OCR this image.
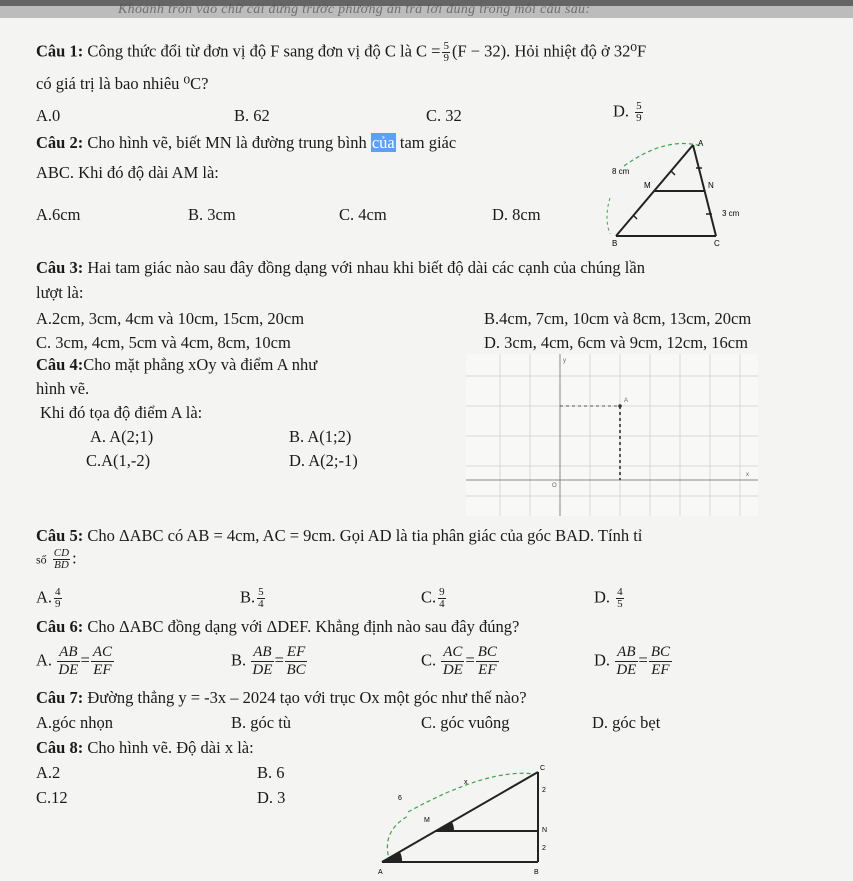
Khoanh tròn vào chữ cái đứng trước phương án trả lời đúng trong mỗi câu sau:
Câu 1: Công thức đổi từ đơn vị độ F sang đơn vị độ C là $C = \frac{5}{9} (F - 32)$. Hỏi nhiệt độ ở 32⁰F
có giá trị là bao nhiêu ⁰C?
A.0	B. 62	C. 32	D. $\frac{5}{9}$
Câu 2: Cho hình vẽ, biết MN là đường trung bình của tam giác
ABC. Khi đó độ dài AM là:
A.6cm	B. 3cm	C. 4cm	D. 8cm
A
B	C
M	N
8 cm
3 cm
Câu 3: Hai tam giác nào sau đây đồng dạng với nhau khi biết độ dài các cạnh của chúng lần
lượt là:
A.2cm, 3cm, 4cm và 10cm, 15cm, 20cm	B.4cm, 7cm, 10cm và 8cm, 13cm, 20cm
C. 3cm, 4cm, 5cm và 4cm, 8cm, 10cm	D. 3cm, 4cm, 6cm và 9cm, 12cm, 16cm
Câu 4:Cho mặt phẳng xOy và điểm A như
hình vẽ.
Khi đó tọa độ điểm A là:
A. A(2;1)	B. A(1;2)
C.A(1,-2)	D. A(2;-1)
A
y
x
O
Câu 5: Cho ΔABC có AB = 4cm, AC = 9cm. Gọi AD là tia phân giác của góc BAD. Tính tỉ
số $\frac{CD}{BD}$ :
A. $\frac{4}{9}$	B. $\frac{5}{4}$	C. $\frac{9}{4}$	D. $\frac{4}{5}$
Câu 6: Cho ΔABC đồng dạng với ΔDEF. Khẳng định nào sau đây đúng?
A. $\frac{AB}{DE} = \frac{AC}{EF}$	B. $\frac{AB}{DE} = \frac{EF}{BC}$	C. $\frac{AC}{DE} = \frac{BC}{EF}$	D. $\frac{AB}{DE} = \frac{BC}{EF}$
Câu 7: Đường thẳng y = -3x – 2024 tạo với trục Ox một góc như thế nào?
A.góc nhọn	B. góc tù	C. góc vuông	D. góc bẹt
Câu 8: Cho hình vẽ. Độ dài x là:
A.2	B. 6
C.12	D. 3
C
A	B
M
N
x
6
2
2
